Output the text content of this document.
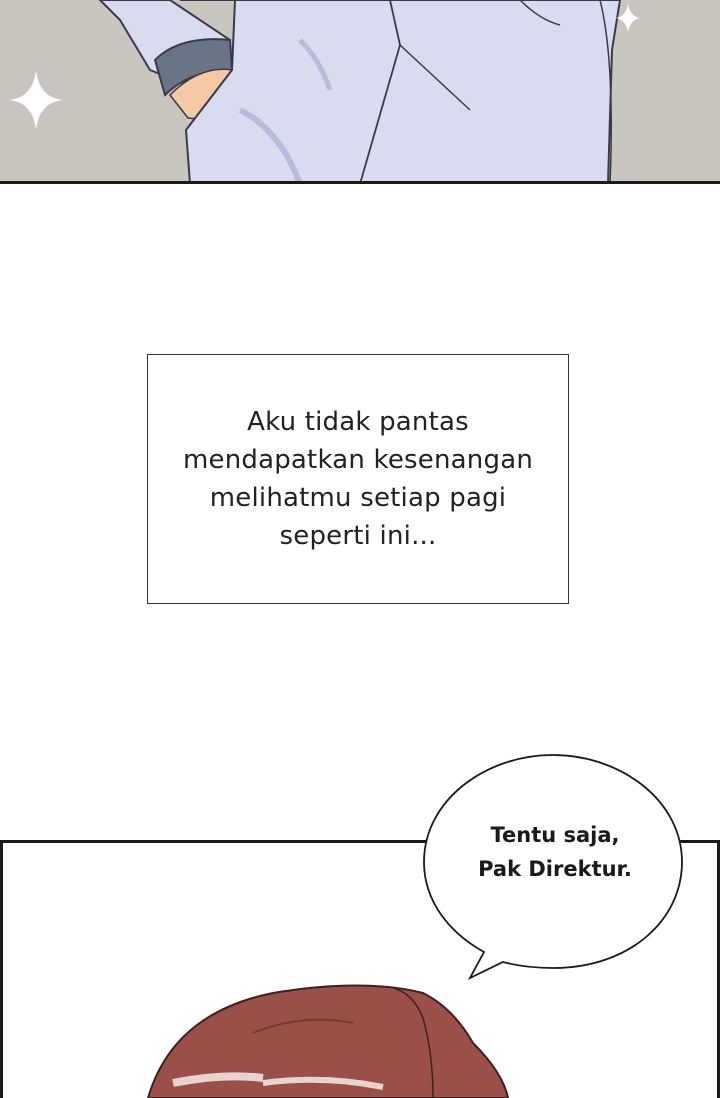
Aku tidak pantas
mendapatkan kesenangan
melihatmu setiap pagi
seperti ini...
Tentu saja,
Pak Direktur.
